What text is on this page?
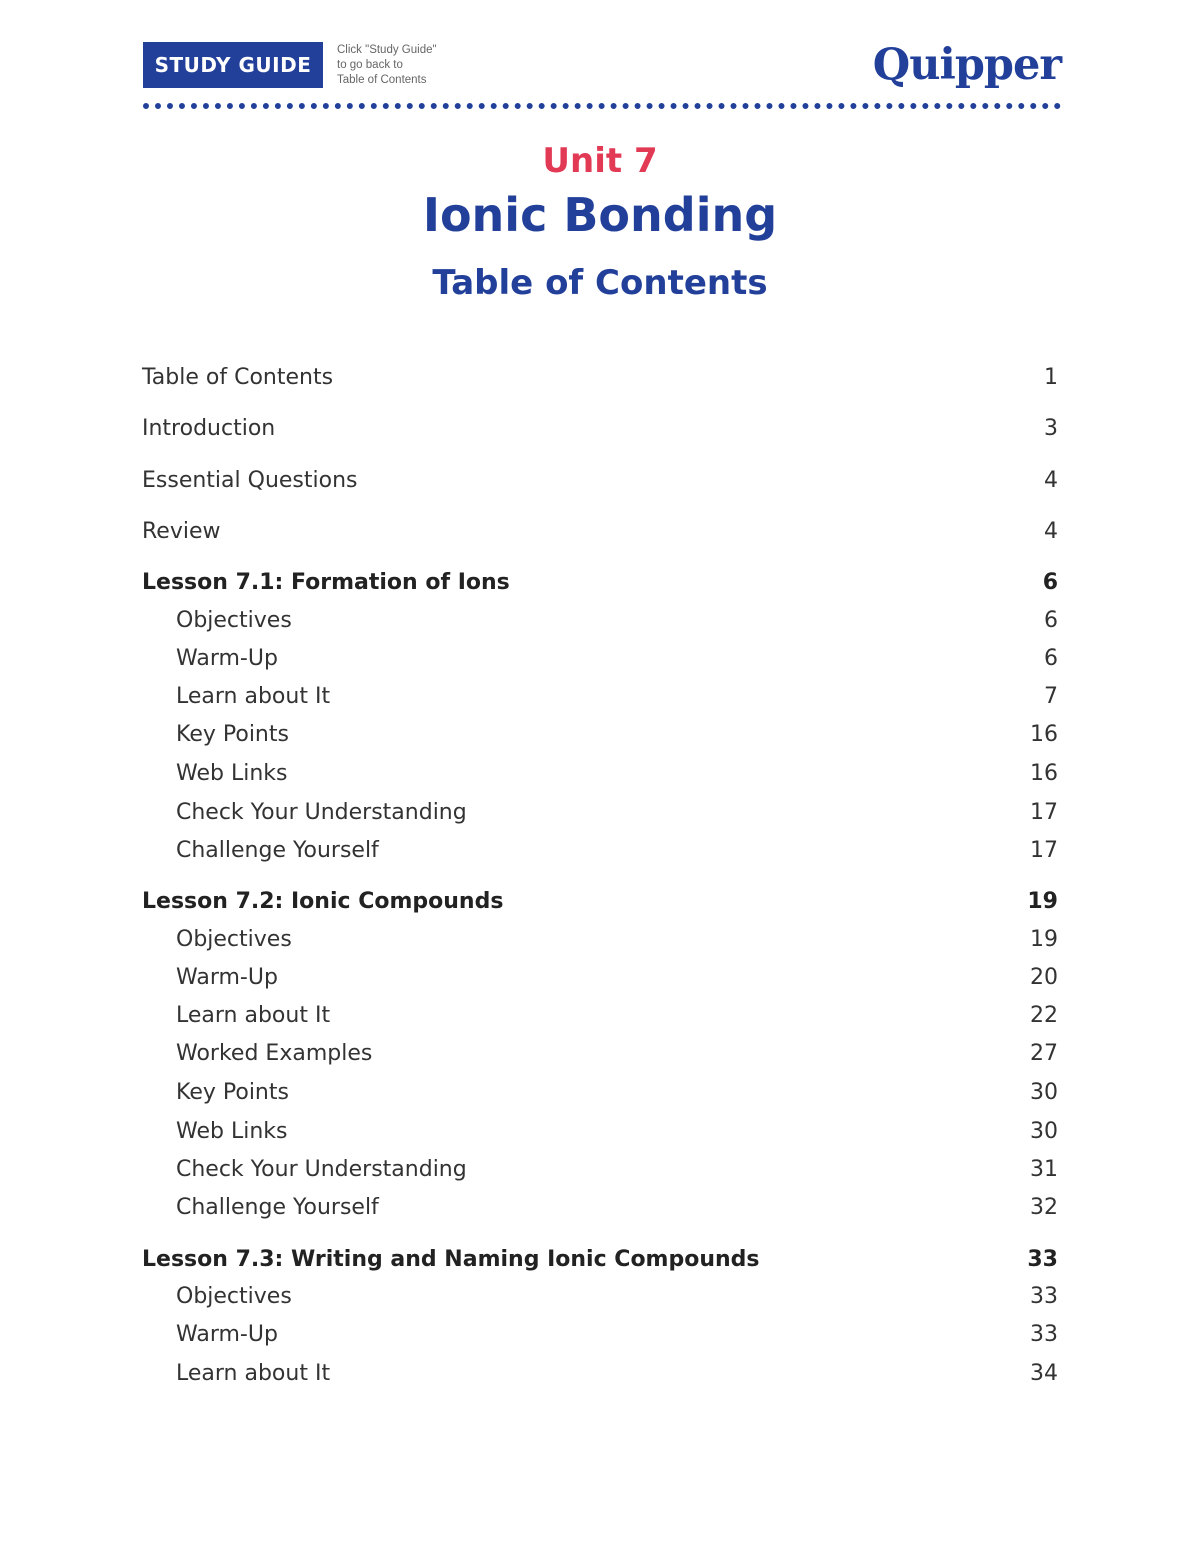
STUDY GUIDE
Click "Study Guide"
to go back to
Table of Contents	Quipper
Unit 7
Ionic Bonding
Table of Contents
Table of Contents	1
Introduction	3
Essential Questions	4
Review	4
Lesson 7.1: Formation of Ions	6
Objectives	6
Warm-Up	6
Learn about It	7
Key Points	16
Web Links	16
Check Your Understanding	17
Challenge Yourself	17
Lesson 7.2: Ionic Compounds	19
Objectives	19
Warm-Up	20
Learn about It	22
Worked Examples	27
Key Points	30
Web Links	30
Check Your Understanding	31
Challenge Yourself	32
Lesson 7.3: Writing and Naming Ionic Compounds	33
Objectives	33
Warm-Up	33
Learn about It	34
